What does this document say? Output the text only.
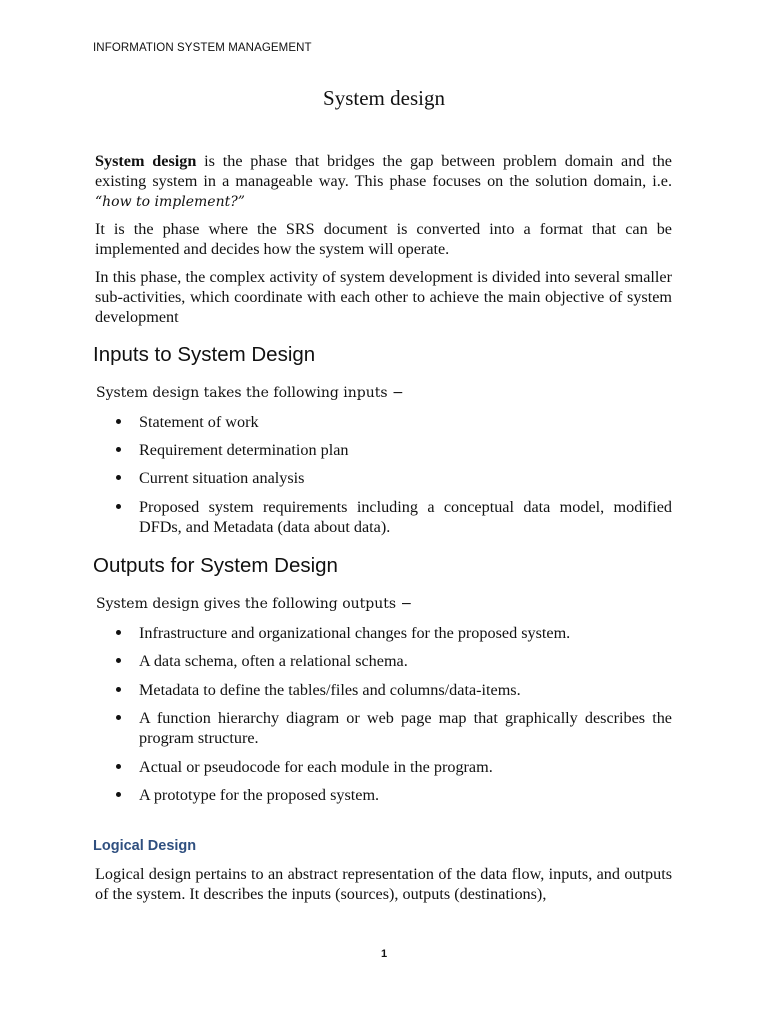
INFORMATION SYSTEM MANAGEMENT
System design

System design is the phase that bridges the gap between problem domain and the existing system in a manageable way. This phase focuses on the solution domain, i.e. “how to implement?”

It is the phase where the SRS document is converted into a format that can be implemented and decides how the system will operate.

In this phase, the complex activity of system development is divided into several smaller sub-activities, which coordinate with each other to achieve the main objective of system development

Inputs to System Design
System design takes the following inputs −
Statement of work
Requirement determination plan
Current situation analysis
Proposed system requirements including a conceptual data model, modified DFDs, and Metadata (data about data).
Outputs for System Design
System design gives the following outputs −
Infrastructure and organizational changes for the proposed system.
A data schema, often a relational schema.
Metadata to define the tables/files and columns/data-items.
A function hierarchy diagram or web page map that graphically describes the program structure.
Actual or pseudocode for each module in the program.
A prototype for the proposed system.
Logical Design

Logical design pertains to an abstract representation of the data flow, inputs, and outputs of the system. It describes the inputs (sources), outputs (destinations),

1
